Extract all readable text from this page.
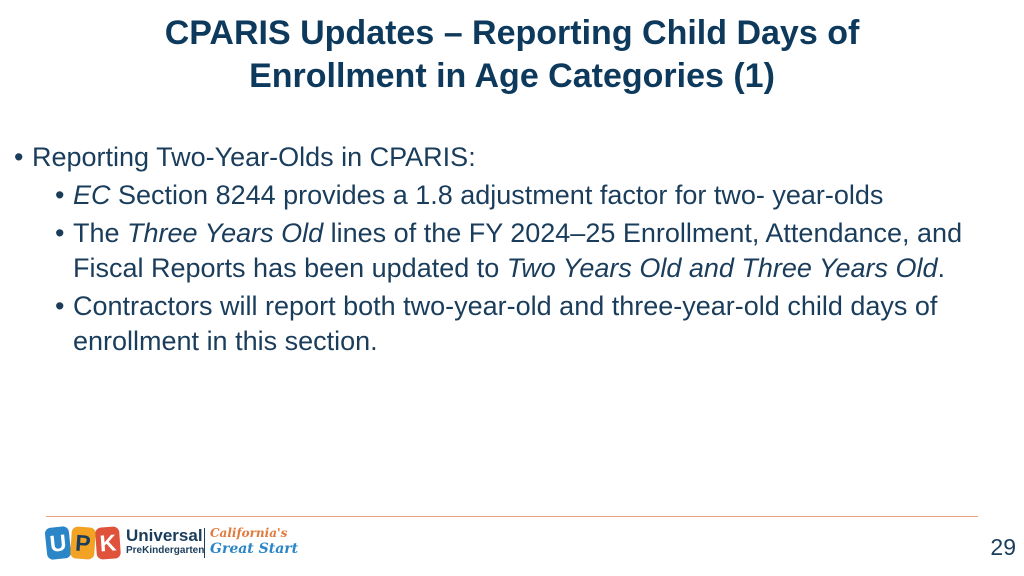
CPARIS Updates – Reporting Child Days of
Enrollment in Age Categories (1)
• Reporting Two-Year-Olds in CPARIS:
• EC Section 8244 provides a 1.8 adjustment factor for two- year-olds
• The Three Years Old lines of the FY 2024–25 Enrollment, Attendance, and Fiscal Reports has been updated to Two Years Old and Three Years Old.
• Contractors will report both two-year-old and three-year-old child days of enrollment in this section.
U P K Universal
PreKindergarten
California's
Great Start	29
